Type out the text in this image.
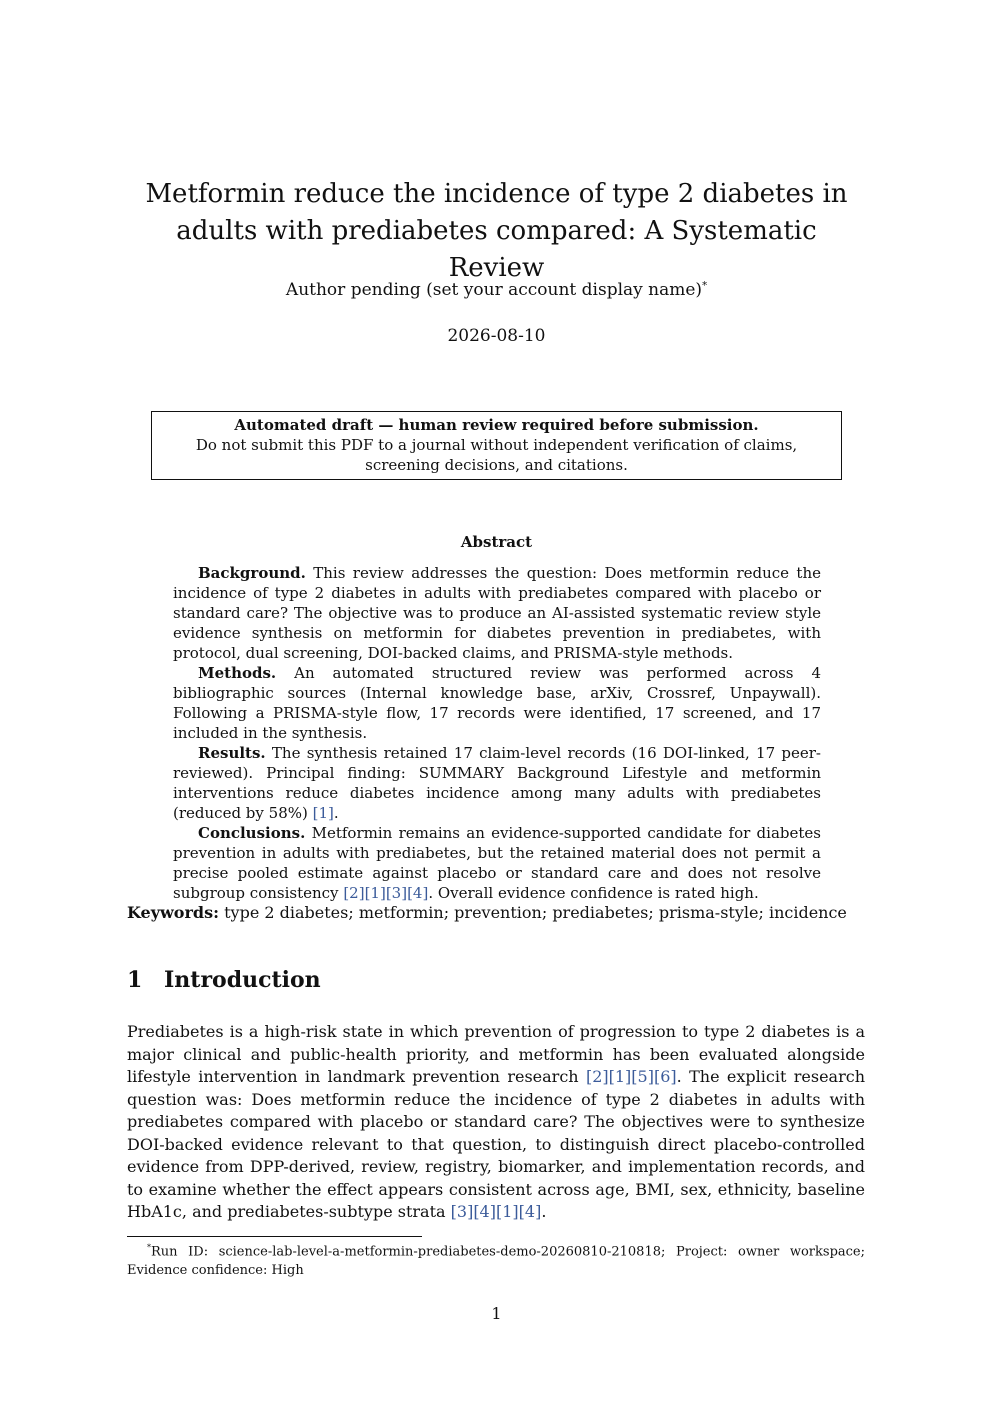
Metformin reduce the incidence of type 2 diabetes in adults with prediabetes compared: A Systematic Review
Author pending (set your account display name)*
2026-08-10
Automated draft — human review required before submission.
Do not submit this PDF to a journal without independent verification of claims, screening decisions, and citations.
Abstract

Background. This review addresses the question: Does metformin reduce the incidence of type 2 diabetes in adults with prediabetes compared with placebo or standard care? The objective was to produce an AI-assisted systematic review style evidence synthesis on metformin for diabetes prevention in prediabetes, with protocol, dual screening, DOI-backed claims, and PRISMA-style methods.

Methods. An automated structured review was performed across 4 bibliographic sources (Internal knowledge base, arXiv, Crossref, Unpaywall). Following a PRISMA-style flow, 17 records were identified, 17 screened, and 17 included in the synthesis.

Results. The synthesis retained 17 claim-level records (16 DOI-linked, 17 peer-reviewed). Principal finding: SUMMARY Background Lifestyle and metformin interventions reduce diabetes incidence among many adults with prediabetes (reduced by 58%) [1].

Conclusions. Metformin remains an evidence-supported candidate for diabetes prevention in adults with prediabetes, but the retained material does not permit a precise pooled estimate against placebo or standard care and does not resolve subgroup consistency [2][1][3][4]. Overall evidence confidence is rated high.

Keywords: type 2 diabetes; metformin; prevention; prediabetes; prisma-style; incidence
1 Introduction

Prediabetes is a high-risk state in which prevention of progression to type 2 diabetes is a major clinical and public-health priority, and metformin has been evaluated alongside lifestyle intervention in landmark prevention research [2][1][5][6]. The explicit research question was: Does metformin reduce the incidence of type 2 diabetes in adults with prediabetes compared with placebo or standard care? The objectives were to synthesize DOI-backed evidence relevant to that question, to distinguish direct placebo-controlled evidence from DPP-derived, review, registry, biomarker, and implementation records, and to examine whether the effect appears consistent across age, BMI, sex, ethnicity, baseline HbA1c, and prediabetes-subtype strata [3][4][1][4].

*Run ID: science-lab-level-a-metformin-prediabetes-demo-20260810-210818; Project: owner workspace; Evidence confidence: High
1
